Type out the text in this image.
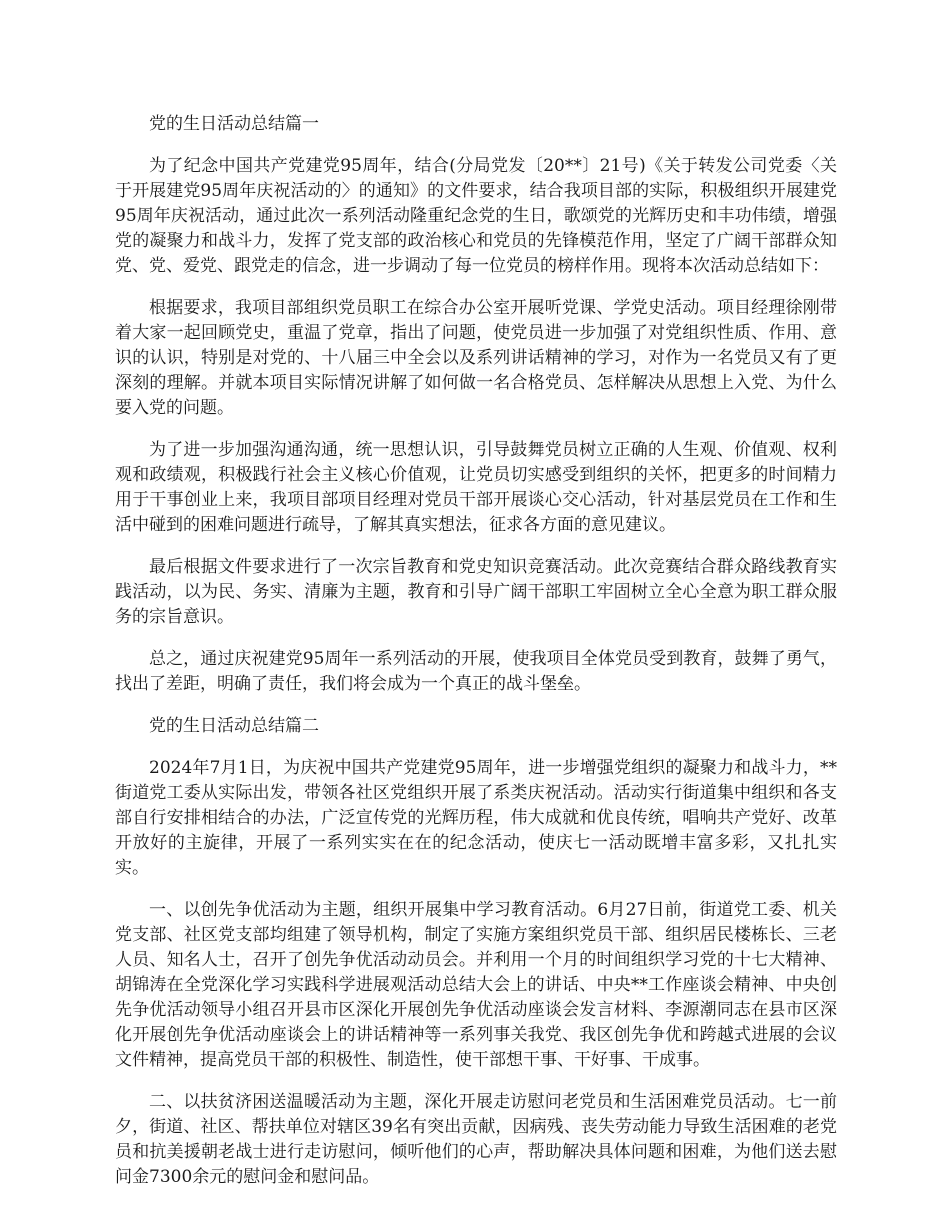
党的生日活动总结篇一

为了纪念中国共产党建党95周年，结合(分局党发〔20**〕21号)《关于转发公司党委〈关于开展建党95周年庆祝活动的〉的通知》的文件要求，结合我项目部的实际，积极组织开展建党95周年庆祝活动，通过此次一系列活动隆重纪念党的生日，歌颂党的光辉历史和丰功伟绩，增强党的凝聚力和战斗力，发挥了党支部的政治核心和党员的先锋模范作用，坚定了广阔干部群众知党、党、爱党、跟党走的信念，进一步调动了每一位党员的榜样作用。现将本次活动总结如下：

根据要求，我项目部组织党员职工在综合办公室开展听党课、学党史活动。项目经理徐刚带着大家一起回顾党史，重温了党章，指出了问题，使党员进一步加强了对党组织性质、作用、意识的认识，特别是对党的、十八届三中全会以及系列讲话精神的学习，对作为一名党员又有了更深刻的理解。并就本项目实际情况讲解了如何做一名合格党员、怎样解决从思想上入党、为什么要入党的问题。

为了进一步加强沟通沟通，统一思想认识，引导鼓舞党员树立正确的人生观、价值观、权利观和政绩观，积极践行社会主义核心价值观，让党员切实感受到组织的关怀，把更多的时间精力用于干事创业上来，我项目部项目经理对党员干部开展谈心交心活动，针对基层党员在工作和生活中碰到的困难问题进行疏导，了解其真实想法，征求各方面的意见建议。

最后根据文件要求进行了一次宗旨教育和党史知识竞赛活动。此次竞赛结合群众路线教育实践活动，以为民、务实、清廉为主题，教育和引导广阔干部职工牢固树立全心全意为职工群众服务的宗旨意识。

总之，通过庆祝建党95周年一系列活动的开展，使我项目全体党员受到教育，鼓舞了勇气，找出了差距，明确了责任，我们将会成为一个真正的战斗堡垒。

党的生日活动总结篇二

2024年7月1日，为庆祝中国共产党建党95周年，进一步增强党组织的凝聚力和战斗力，**街道党工委从实际出发，带领各社区党组织开展了系类庆祝活动。活动实行街道集中组织和各支部自行安排相结合的办法，广泛宣传党的光辉历程，伟大成就和优良传统，唱响共产党好、改革开放好的主旋律，开展了一系列实实在在的纪念活动，使庆七一活动既增丰富多彩，又扎扎实实。

一、以创先争优活动为主题，组织开展集中学习教育活动。6月27日前，街道党工委、机关党支部、社区党支部均组建了领导机构，制定了实施方案组织党员干部、组织居民楼栋长、三老人员、知名人士，召开了创先争优活动动员会。并利用一个月的时间组织学习党的十七大精神、胡锦涛在全党深化学习实践科学进展观活动总结大会上的讲话、中央**工作座谈会精神、中央创先争优活动领导小组召开县市区深化开展创先争优活动座谈会发言材料、李源潮同志在县市区深化开展创先争优活动座谈会上的讲话精神等一系列事关我党、我区创先争优和跨越式进展的会议文件精神，提高党员干部的积极性、制造性，使干部想干事、干好事、干成事。

二、以扶贫济困送温暖活动为主题，深化开展走访慰问老党员和生活困难党员活动。七一前夕，街道、社区、帮扶单位对辖区39名有突出贡献，因病残、丧失劳动能力导致生活困难的老党员和抗美援朝老战士进行走访慰问，倾听他们的心声，帮助解决具体问题和困难，为他们送去慰问金7300余元的慰问金和慰问品。
